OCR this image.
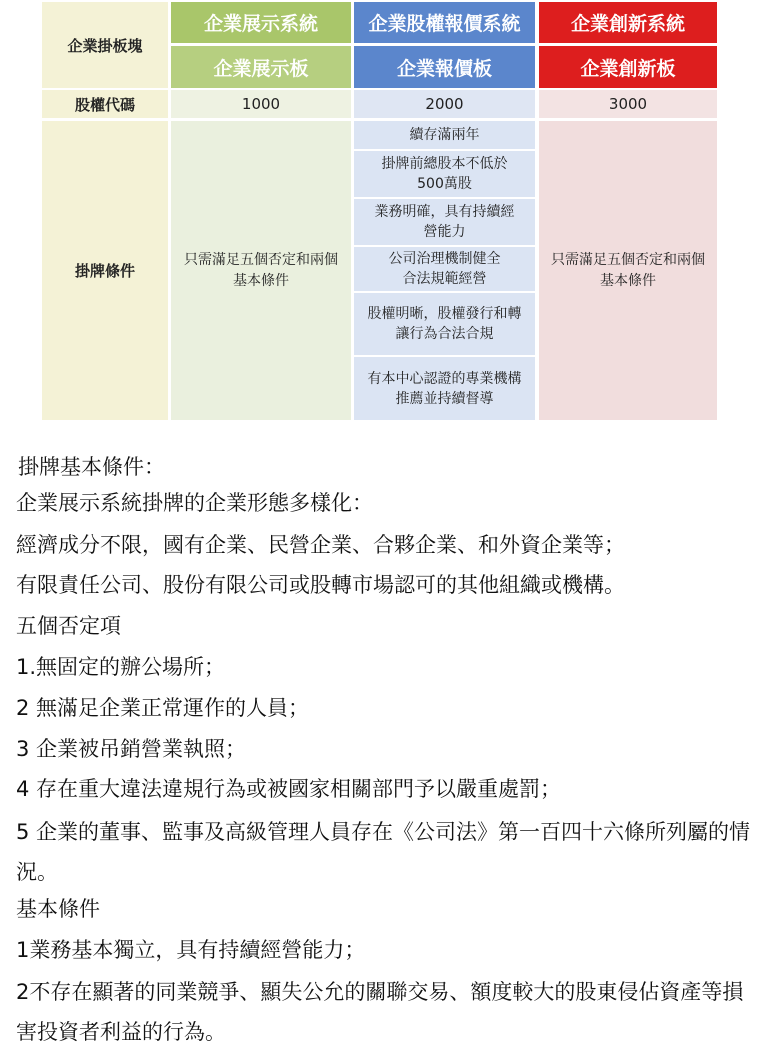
企業掛板塊
股權代碼
掛牌條件
企業展示系統
企業展示板
1000
只需滿足五個否定和兩個基本條件
企業股權報價系統
企業報價板
2000
續存滿兩年
掛牌前總股本不低於500萬股
業務明確，具有持續經營能力
公司治理機制健全合法規範經營
股權明晰，股權發行和轉讓行為合法合規
有本中心認證的專業機構推薦並持續督導
企業創新系統
企業創新板
3000
只需滿足五個否定和兩個基本條件
掛牌基本條件：
企業展示系統掛牌的企業形態多樣化：
經濟成分不限，國有企業、民營企業、合夥企業、和外資企業等；
有限責任公司、股份有限公司或股轉市場認可的其他組織或機構。
五個否定項
1.無固定的辦公場所；
2 無滿足企業正常運作的人員；
3 企業被吊銷營業執照；
4 存在重大違法違規行為或被國家相關部門予以嚴重處罰；
5 企業的董事、監事及高級管理人員存在《公司法》第一百四十六條所列屬的情況。
基本條件
1業務基本獨立，具有持續經營能力；
2不存在顯著的同業競爭、顯失公允的關聯交易、額度較大的股東侵佔資產等損害投資者利益的行為。
